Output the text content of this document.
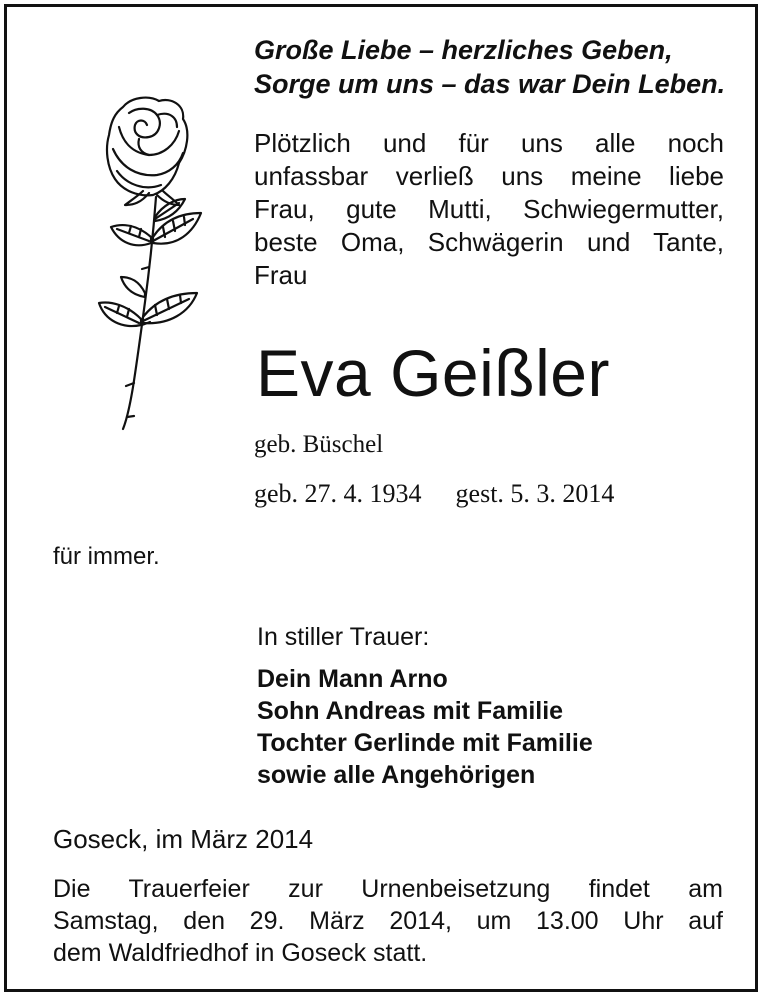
Große Liebe – herzliches Geben,
Sorge um uns – das war Dein Leben.

Plötzlich und für uns alle noch

unfassbar verließ uns meine liebe

Frau, gute Mutti, Schwiegermutter,

beste Oma, Schwägerin und Tante,

Frau

Eva Geißler
geb. Büschel
geb. 27. 4. 1934 gest. 5. 3. 2014
für immer.
In stiller Trauer:
Dein Mann Arno
Sohn Andreas mit Familie
Tochter Gerlinde mit Familie
sowie alle Angehörigen
Goseck, im März 2014

Die Trauerfeier zur Urnenbeisetzung findet am

Samstag, den 29. März 2014, um 13.00 Uhr auf

dem Waldfriedhof in Goseck statt.
